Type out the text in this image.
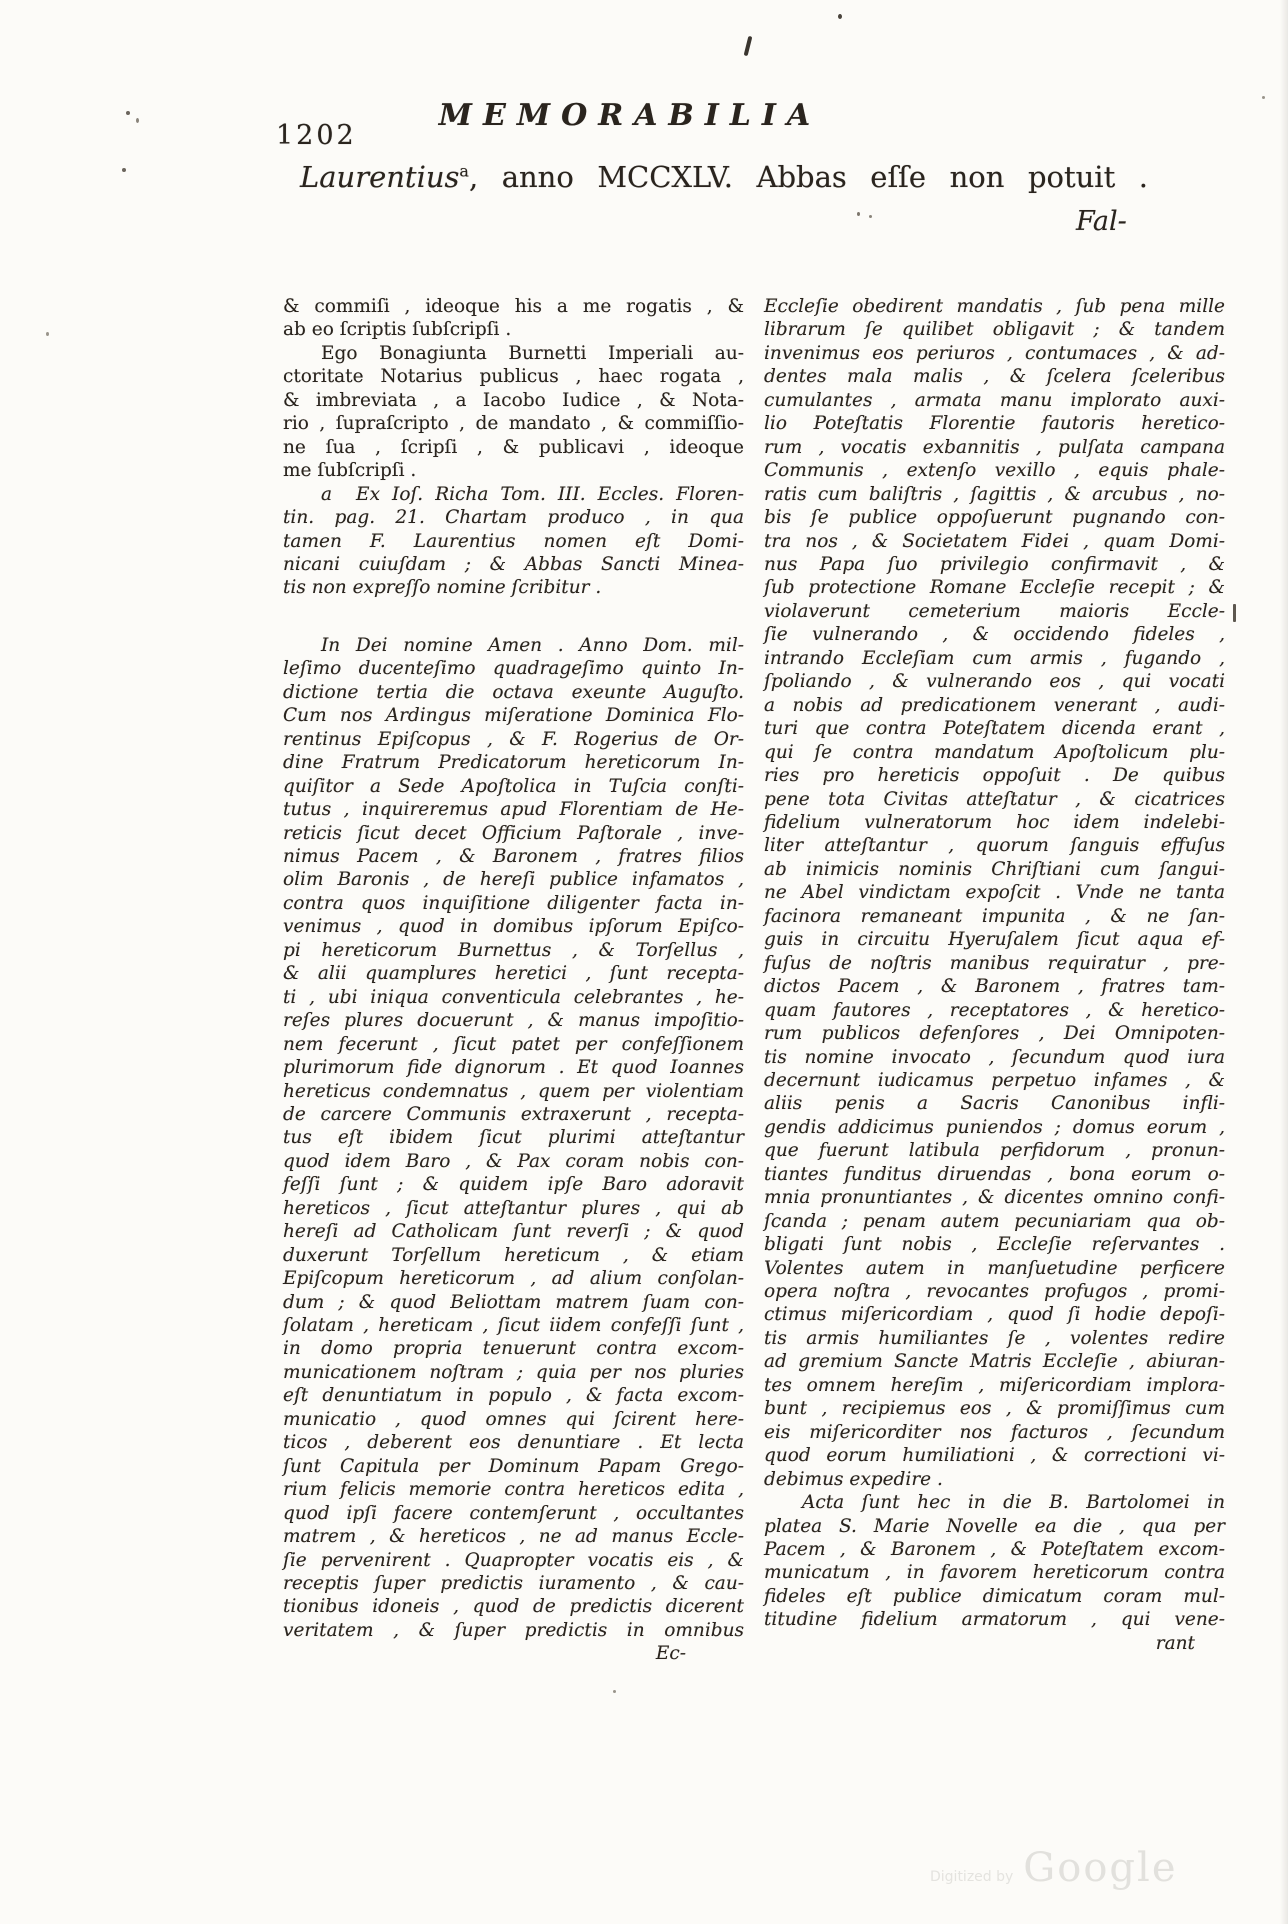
1202
MEMORABILIA
Laurentius$^a$, anno MCCXLV. Abbas eſſe non potuit .
Fal-
& commiſi , ideoque his a me rogatis , &
ab eo ſcriptis ſubſcripſi .
Ego Bonagiunta Burnetti Imperiali au-
ctoritate Notarius publicus , haec rogata ,
& imbreviata , a Iacobo Iudice , & Nota-
rio , ſupraſcripto , de mandato , & commiſſio-
ne ſua , ſcripſi , & publicavi , ideoque
me ſubſcripſi .
a  Ex Ioſ. Richa Tom. III. Eccles. Floren-
tin. pag. 21. Chartam produco , in qua
tamen F. Laurentius nomen eſt Domi-
nicani cuiuſdam ; & Abbas Sancti Minea-
tis non expreſſo nomine ſcribitur .
In Dei nomine Amen . Anno Dom. mil-
leſimo ducenteſimo quadrageſimo quinto In-
dictione tertia die octava exeunte Auguſto.
Cum nos Ardingus miſeratione Dominica Flo-
rentinus Epiſcopus , & F. Rogerius de Or-
dine Fratrum Predicatorum hereticorum In-
quiſitor a Sede Apoſtolica in Tuſcia conſti-
tutus , inquireremus apud Florentiam de He-
reticis ſicut decet Officium Paſtorale , inve-
nimus Pacem , & Baronem , fratres filios
olim Baronis , de hereſi publice infamatos ,
contra quos inquiſitione diligenter facta in-
venimus , quod in domibus ipſorum Epiſco-
pi hereticorum Burnettus , & Torſellus ,
& alii quamplures heretici , ſunt recepta-
ti , ubi iniqua conventicula celebrantes , he-
reſes plures docuerunt , & manus impoſitio-
nem fecerunt , ſicut patet per confeſſionem
plurimorum fide dignorum . Et quod Ioannes
hereticus condemnatus , quem per violentiam
de carcere Communis extraxerunt , recepta-
tus eſt ibidem ſicut plurimi atteſtantur
quod idem Baro , & Pax coram nobis con-
feſſi ſunt ; & quidem ipſe Baro adoravit
hereticos , ſicut atteſtantur plures , qui ab
hereſi ad Catholicam ſunt reverſi ; & quod
duxerunt Torſellum hereticum , & etiam
Epiſcopum hereticorum , ad alium conſolan-
dum ; & quod Beliottam matrem ſuam con-
ſolatam , hereticam , ſicut iidem confeſſi ſunt ,
in domo propria tenuerunt contra excom-
municationem noſtram ; quia per nos pluries
eſt denuntiatum in populo , & facta excom-
municatio , quod omnes qui ſcirent here-
ticos , deberent eos denuntiare . Et lecta
ſunt Capitula per Dominum Papam Grego-
rium felicis memorie contra hereticos edita ,
quod ipſi facere contemſerunt , occultantes
matrem , & hereticos , ne ad manus Eccle-
ſie pervenirent . Quapropter vocatis eis , &
receptis ſuper predictis iuramento , & cau-
tionibus idoneis , quod de predictis dicerent
veritatem , & ſuper predictis in omnibus
Ec-
Eccleſie obedirent mandatis , ſub pena mille
librarum ſe quilibet obligavit ; & tandem
invenimus eos periuros , contumaces , & ad-
dentes mala malis , & ſcelera ſceleribus
cumulantes , armata manu implorato auxi-
lio Poteſtatis Florentie fautoris heretico-
rum , vocatis exbannitis , pulſata campana
Communis , extenſo vexillo , equis phale-
ratis cum baliſtris , ſagittis , & arcubus , no-
bis ſe publice oppoſuerunt pugnando con-
tra nos , & Societatem Fidei , quam Domi-
nus Papa ſuo privilegio confirmavit , &
ſub protectione Romane Eccleſie recepit ; &
violaverunt cemeterium maioris Eccle-
ſie vulnerando , & occidendo fideles ,
intrando Eccleſiam cum armis , fugando ,
ſpoliando , & vulnerando eos , qui vocati
a nobis ad predicationem venerant , audi-
turi que contra Poteſtatem dicenda erant ,
qui ſe contra mandatum Apoſtolicum plu-
ries pro hereticis oppoſuit . De quibus
pene tota Civitas atteſtatur , & cicatrices
fidelium vulneratorum hoc idem indelebi-
liter atteſtantur , quorum ſanguis effuſus
ab inimicis nominis Chriſtiani cum ſangui-
ne Abel vindictam expoſcit . Vnde ne tanta
facinora remaneant impunita , & ne ſan-
guis in circuitu Hyeruſalem ſicut aqua ef-
fuſus de noſtris manibus requiratur , pre-
dictos Pacem , & Baronem , fratres tam-
quam fautores , receptatores , & heretico-
rum publicos defenſores , Dei Omnipoten-
tis nomine invocato , ſecundum quod iura
decernunt iudicamus perpetuo infames , &
aliis penis a Sacris Canonibus infli-
gendis addicimus puniendos ; domus eorum ,
que fuerunt latibula perfidorum , pronun-
tiantes funditus diruendas , bona eorum o-
mnia pronuntiantes , & dicentes omnino confi-
ſcanda ; penam autem pecuniariam qua ob-
bligati ſunt nobis , Eccleſie reſervantes .
Volentes autem in manſuetudine perficere
opera noſtra , revocantes profugos , promi-
ctimus miſericordiam , quod ſi hodie depoſi-
tis armis humiliantes ſe , volentes redire
ad gremium Sancte Matris Eccleſie , abiuran-
tes omnem hereſim , miſericordiam implora-
bunt , recipiemus eos , & promiſſimus cum
eis miſericorditer nos facturos , ſecundum
quod eorum humiliationi , & correctioni vi-
debimus expedire .
Acta ſunt hec in die B. Bartolomei in
platea S. Marie Novelle ea die , qua per
Pacem , & Baronem , & Poteſtatem excom-
municatum , in favorem hereticorum contra
fideles eſt publice dimicatum coram mul-
titudine fidelium armatorum , qui vene-
rant
Digitized by Google
